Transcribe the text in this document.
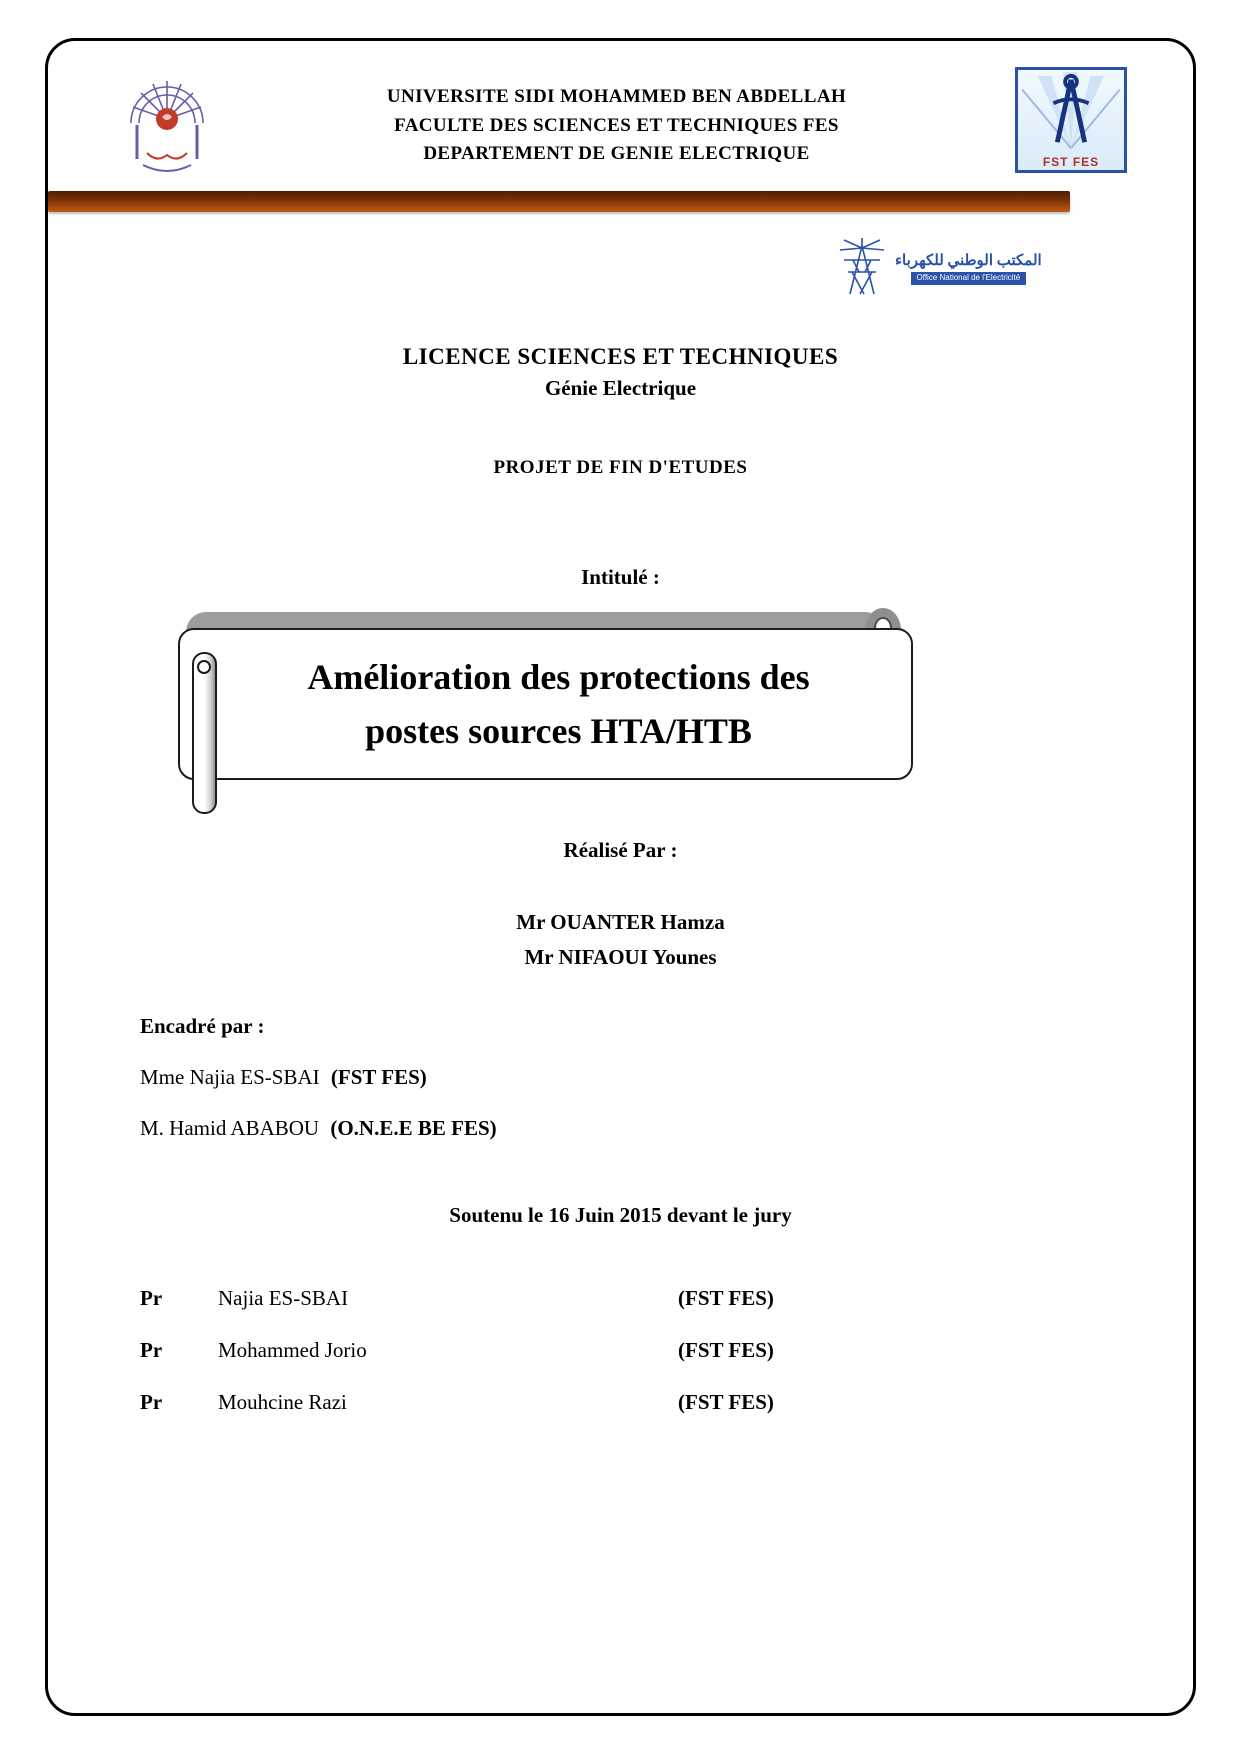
UNIVERSITE SIDI MOHAMMED BEN ABDELLAH
FACULTE DES SCIENCES ET TECHNIQUES FES
DEPARTEMENT DE GENIE ELECTRIQUE	FST FES
المكتب الوطني للكهرباء
Office National de l'Electricité
LICENCE SCIENCES ET TECHNIQUES
Génie Electrique
PROJET DE FIN D'ETUDES
Intitulé :
Amélioration des protections des
postes sources HTA/HTB
Réalisé Par :
Mr OUANTER Hamza
Mr NIFAOUI Younes
Encadré par :
Mme Najia ES-SBAI (FST FES)
M. Hamid ABABOU (O.N.E.E BE FES)
Soutenu le 16 Juin 2015 devant le jury
Pr	Najia ES-SBAI	(FST FES)
Pr	Mohammed Jorio	(FST FES)
Pr	Mouhcine Razi	(FST FES)
